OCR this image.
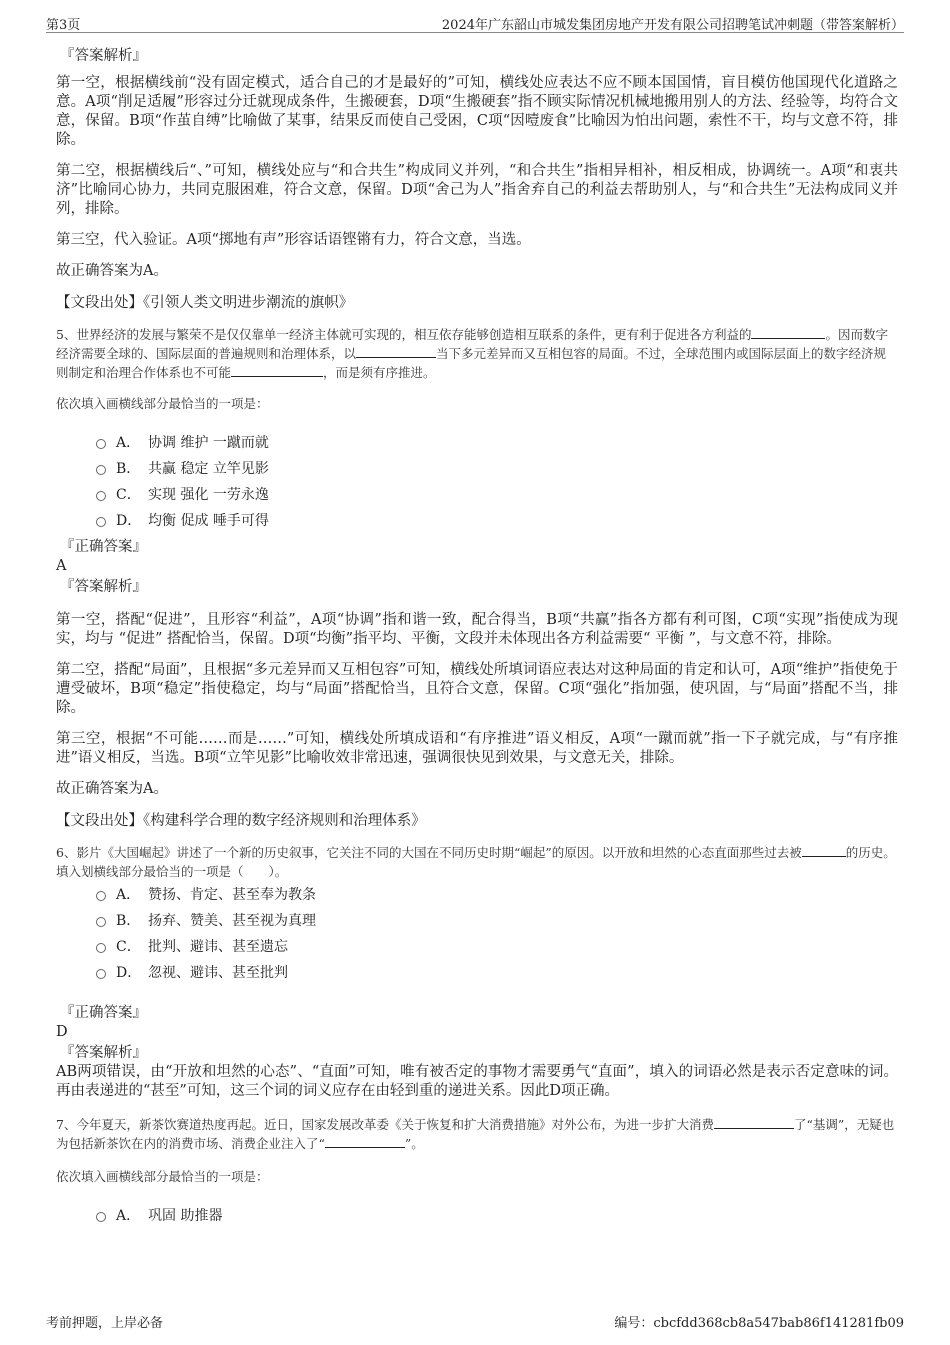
第3页	2024年广东韶山市城发集团房地产开发有限公司招聘笔试冲刺题（带答案解析）
『答案解析』

第一空，根据横线前“没有固定模式，适合自己的才是最好的”可知，横线处应表达不应不顾本国国情，盲目模仿他国现代化道路之意。A项“削足适履”形容过分迁就现成条件，生搬硬套，D项“生搬硬套”指不顾实际情况机械地搬用别人的方法、经验等，均符合文意，保留。B项“作茧自缚”比喻做了某事，结果反而使自己受困，C项“因噎废食”比喻因为怕出问题，索性不干，均与文意不符，排除。

第二空，根据横线后“、”可知，横线处应与“和合共生”构成同义并列，“和合共生”指相异相补，相反相成，协调统一。A项“和衷共济”比喻同心协力，共同克服困难，符合文意，保留。D项“舍己为人”指舍弃自己的利益去帮助别人，与“和合共生”无法构成同义并列，排除。

第三空，代入验证。A项“掷地有声”形容话语铿锵有力，符合文意，当选。

故正确答案为A。

【文段出处】《引领人类文明进步潮流的旗帜》

5、世界经济的发展与繁荣不是仅仅靠单一经济主体就可实现的，相互依存能够创造相互联系的条件，更有利于促进各方利益的	。因而数字经济需要全球的、国际层面的普遍规则和治理体系，以	当下多元差异而又互相包容的局面。不过，全球范围内或国际层面上的数字经济规则制定和治理合作体系也不可能	，而是须有序推进。

依次填入画横线部分最恰当的一项是：

A． 协调 维护 一蹴而就
B． 共赢 稳定 立竿见影
C． 实现 强化 一劳永逸
D． 均衡 促成 唾手可得
『正确答案』
A
『答案解析』

第一空，搭配“促进”，且形容“利益”，A项“协调”指和谐一致，配合得当，B项“共赢”指各方都有利可图，C项“实现”指使成为现实，均与 “促进” 搭配恰当，保留。D项“均衡”指平均、平衡，文段并未体现出各方利益需要“ 平衡 ”，与文意不符，排除。

第二空，搭配“局面”，且根据“多元差异而又互相包容”可知，横线处所填词语应表达对这种局面的肯定和认可，A项“维护”指使免于遭受破坏，B项“稳定”指使稳定，均与“局面”搭配恰当，且符合文意，保留。C项“强化”指加强，使巩固，与“局面”搭配不当，排除。

第三空，根据“不可能……而是……”可知，横线处所填成语和“有序推进”语义相反，A项“一蹴而就”指一下子就完成，与“有序推进”语义相反，当选。B项“立竿见影”比喻收效非常迅速，强调很快见到效果，与文意无关，排除。

故正确答案为A。

【文段出处】《构建科学合理的数字经济规则和治理体系》

6、影片《大国崛起》讲述了一个新的历史叙事，它关注不同的大国在不同历史时期“崛起”的原因。以开放和坦然的心态直面那些过去被	的历史。

填入划横线部分最恰当的一项是（　　）。

A． 赞扬、肯定、甚至奉为教条
B． 扬弃、赞美、甚至视为真理
C． 批判、避讳、甚至遗忘
D． 忽视、避讳、甚至批判
『正确答案』
D
『答案解析』

AB两项错误，由“开放和坦然的心态”、“直面”可知，唯有被否定的事物才需要勇气“直面”，填入的词语必然是表示否定意味的词。再由表递进的“甚至”可知，这三个词的词义应存在由轻到重的递进关系。因此D项正确。

7、今年夏天，新茶饮赛道热度再起。近日，国家发展改革委《关于恢复和扩大消费措施》对外公布，为进一步扩大消费	了“基调”，无疑也为包括新茶饮在内的消费市场、消费企业注入了“	”。

依次填入画横线部分最恰当的一项是：

A． 巩固 助推器
考前押题，上岸必备	编号：cbcfdd368cb8a547bab86f141281fb09
